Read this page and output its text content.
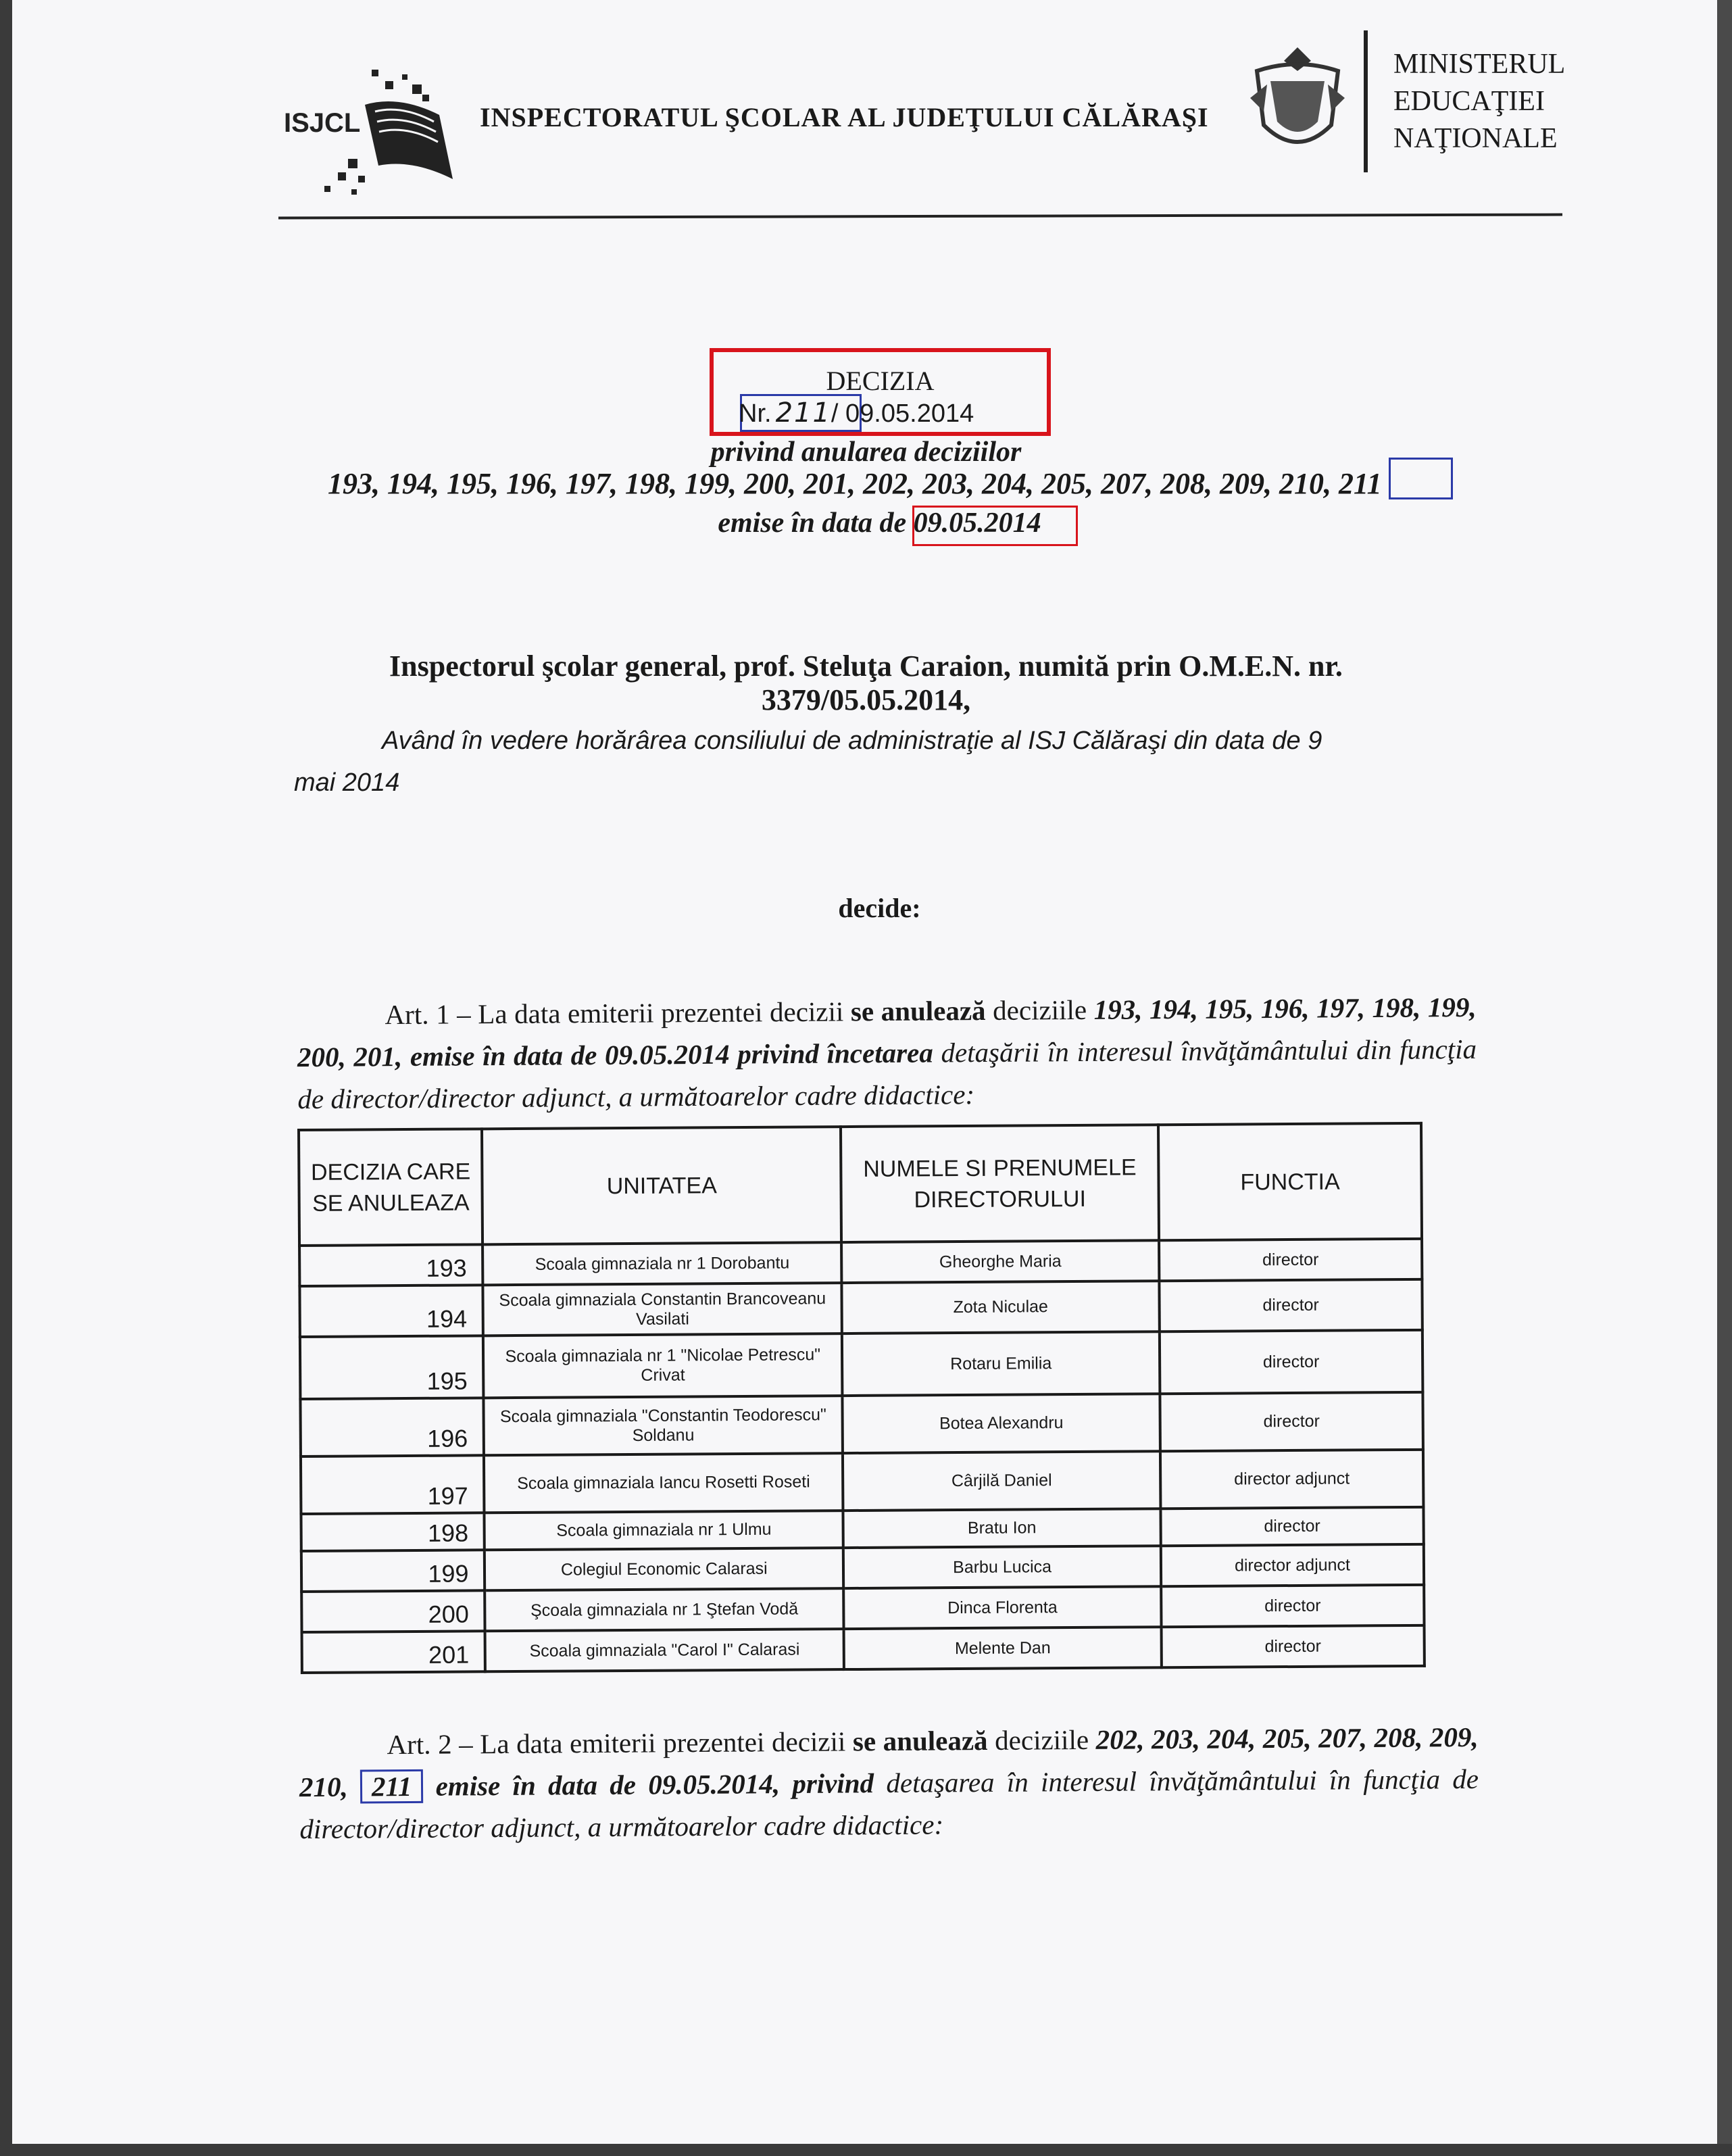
ISJCL	INSPECTORATUL ŞCOLAR AL JUDEŢULUI CĂLĂRAŞI
MINISTERUL
EDUCAŢIEI
NAŢIONALE
DECIZIA
Nr. 211/ 09.05.2014
privind anularea deciziilor
193, 194, 195, 196, 197, 198, 199, 200, 201, 202, 203, 204, 205, 207, 208, 209, 210, 211
emise în data de 09.05.2014
Inspectorul şcolar general, prof. Steluţa Caraion, numită prin O.M.E.N. nr.
3379/05.05.2014,
Având în vedere horărârea consiliului de administraţie al ISJ Călăraşi din data de 9
mai 2014
decide:
Art. 1 – La data emiterii prezentei decizii se anulează deciziile 193, 194, 195, 196, 197, 198, 199, 200, 201, emise în data de 09.05.2014 privind încetarea detaşării în interesul învăţământului din funcţia de director/director adjunct, a următoarelor cadre didactice:
DECIZIA CARE SE ANULEAZA	UNITATEA	NUMELE SI PRENUMELE DIRECTORULUI	FUNCTIA
193	Scoala gimnaziala nr 1 Dorobantu	Gheorghe Maria	director
194	Scoala gimnaziala Constantin Brancoveanu Vasilati	Zota Niculae	director
195	Scoala gimnaziala nr 1 "Nicolae Petrescu" Crivat	Rotaru Emilia	director
196	Scoala gimnaziala "Constantin Teodorescu" Soldanu	Botea Alexandru	director
197	Scoala gimnaziala Iancu Rosetti Roseti	Cârjilă Daniel	director adjunct
198	Scoala gimnaziala nr 1 Ulmu	Bratu Ion	director
199	Colegiul Economic Calarasi	Barbu Lucica	director adjunct
200	Şcoala gimnaziala nr 1 Ştefan Vodă	Dinca Florenta	director
201	Scoala gimnaziala "Carol I" Calarasi	Melente Dan	director
Art. 2 – La data emiterii prezentei decizii se anulează deciziile 202, 203, 204, 205, 207, 208, 209, 210, 211 emise în data de 09.05.2014, privind detaşarea în interesul învăţământului în funcţia de director/director adjunct, a următoarelor cadre didactice:
